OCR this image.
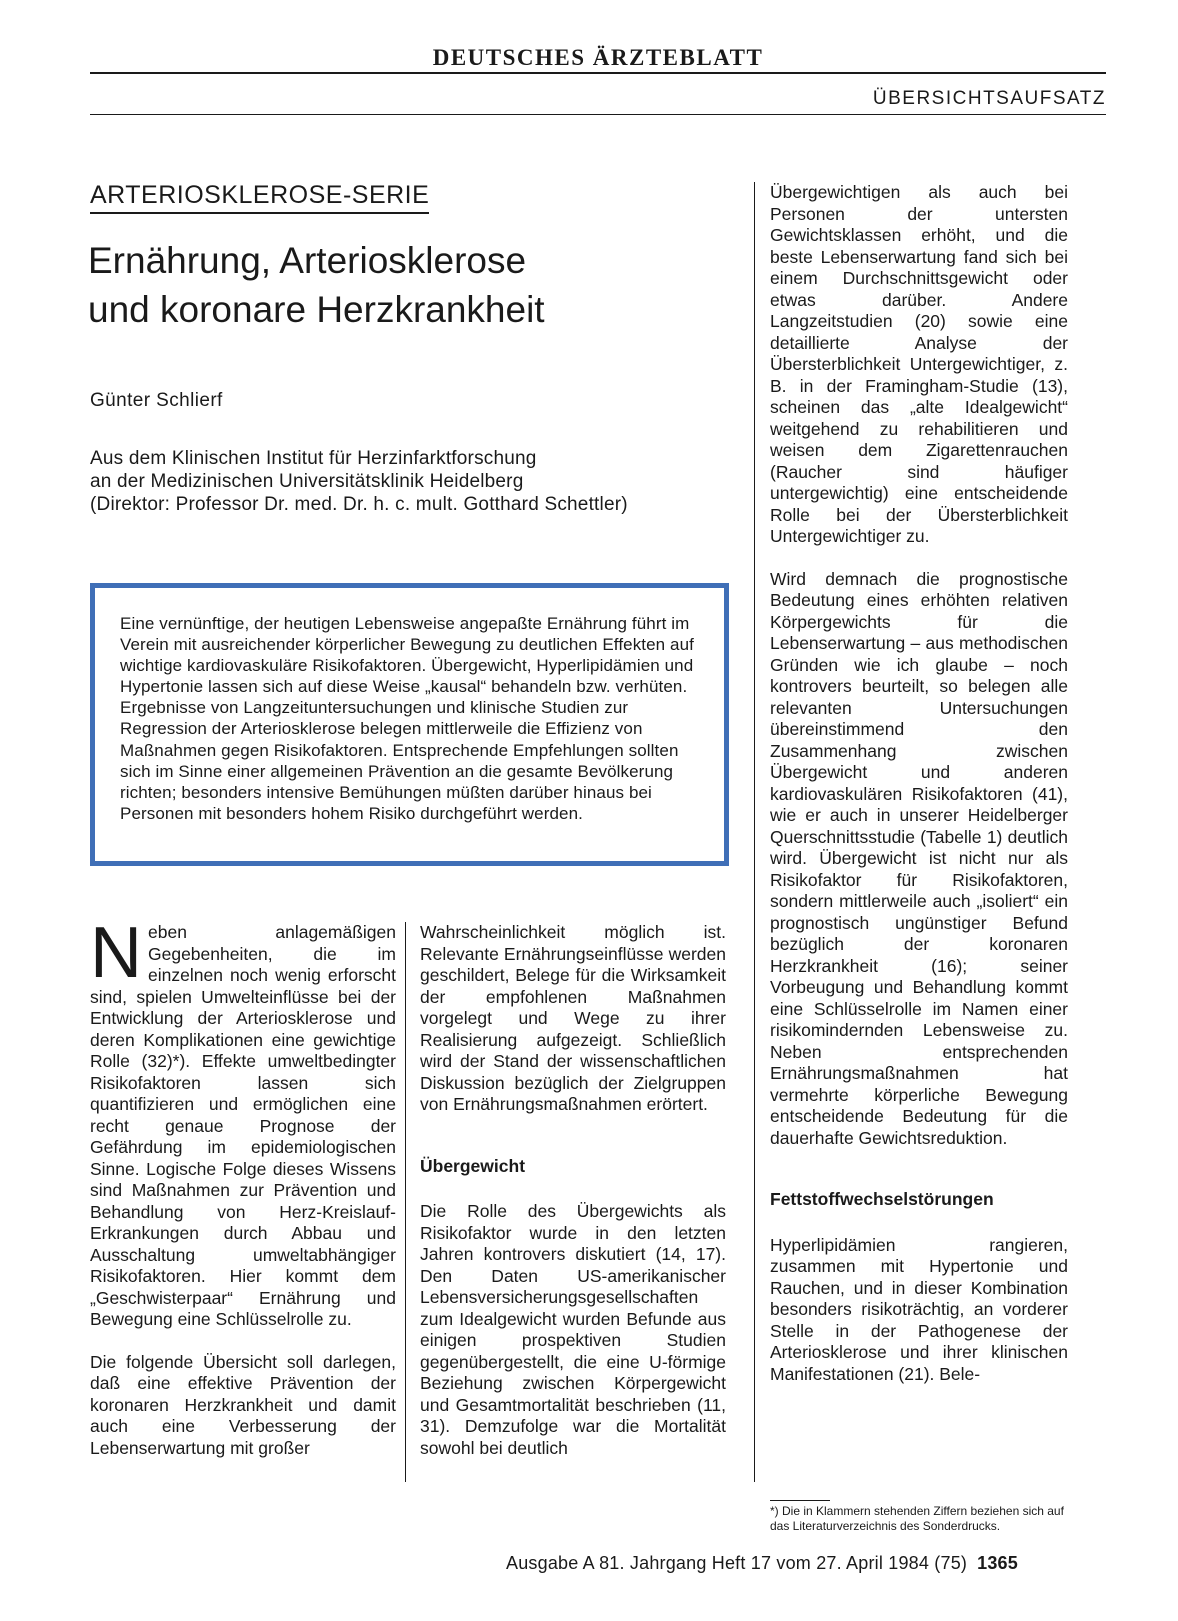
DEUTSCHES ÄRZTEBLATT
ÜBERSICHTSAUFSATZ
ARTERIOSKLEROSE-SERIE
Ernährung, Arteriosklerose
und koronare Herzkrankheit
Günter Schlierf
Aus dem Klinischen Institut für Herzinfarktforschung
an der Medizinischen Universitätsklinik Heidelberg
(Direktor: Professor Dr. med. Dr. h. c. mult. Gotthard Schettler)
Eine vernünftige, der heutigen Lebensweise angepaßte Ernährung führt im Verein mit ausreichender körperlicher Bewegung zu deutlichen Effekten auf wichtige kardiovaskuläre Risikofaktoren. Übergewicht, Hyperlipidämien und Hypertonie lassen sich auf diese Weise „kausal“ behandeln bzw. verhüten. Ergebnisse von Langzeituntersuchungen und klinische Studien zur Regression der Arteriosklerose belegen mittlerweile die Effizienz von Maßnahmen gegen Risikofaktoren. Entsprechende Empfehlungen sollten sich im Sinne einer allgemeinen Prävention an die gesamte Bevölkerung richten; besonders intensive Bemühungen müßten darüber hinaus bei Personen mit besonders hohem Risiko durchgeführt werden.

Neben anlagemäßigen Gegebenheiten, die im einzelnen noch wenig erforscht sind, spielen Umwelteinflüsse bei der Entwicklung der Arteriosklerose und deren Komplikationen eine gewichtige Rolle (32)*). Effekte umweltbedingter Risikofaktoren lassen sich quantifizieren und ermöglichen eine recht genaue Prognose der Gefährdung im epidemiologischen Sinne. Logische Folge dieses Wissens sind Maßnahmen zur Prävention und Behandlung von Herz-Kreislauf-Erkrankungen durch Abbau und Ausschaltung umweltabhängiger Risikofaktoren. Hier kommt dem „Geschwisterpaar“ Ernährung und Bewegung eine Schlüsselrolle zu.

Die folgende Übersicht soll darlegen, daß eine effektive Prävention der koronaren Herzkrankheit und damit auch eine Verbesserung der Lebenserwartung mit großer

Wahrscheinlichkeit möglich ist. Relevante Ernährungseinflüsse werden geschildert, Belege für die Wirksamkeit der empfohlenen Maßnahmen vorgelegt und Wege zu ihrer Realisierung aufgezeigt. Schließlich wird der Stand der wissenschaftlichen Diskussion bezüglich der Zielgruppen von Ernährungsmaßnahmen erörtert.

Übergewicht

Die Rolle des Übergewichts als Risikofaktor wurde in den letzten Jahren kontrovers diskutiert (14, 17). Den Daten US-amerikanischer Lebensversicherungsgesellschaften zum Idealgewicht wurden Befunde aus einigen prospektiven Studien gegenübergestellt, die eine U-förmige Beziehung zwischen Körpergewicht und Gesamtmortalität beschrieben (11, 31). Demzufolge war die Mortalität sowohl bei deutlich

Übergewichtigen als auch bei Personen der untersten Gewichtsklassen erhöht, und die beste Lebenserwartung fand sich bei einem Durchschnittsgewicht oder etwas darüber. Andere Langzeitstudien (20) sowie eine detaillierte Analyse der Übersterblichkeit Untergewichtiger, z. B. in der Framingham-Studie (13), scheinen das „alte Idealgewicht“ weitgehend zu rehabilitieren und weisen dem Zigarettenrauchen (Raucher sind häufiger untergewichtig) eine entscheidende Rolle bei der Übersterblichkeit Untergewichtiger zu.

Wird demnach die prognostische Bedeutung eines erhöhten relativen Körpergewichts für die Lebenserwartung – aus methodischen Gründen wie ich glaube – noch kontrovers beurteilt, so belegen alle relevanten Untersuchungen übereinstimmend den Zusammenhang zwischen Übergewicht und anderen kardiovaskulären Risikofaktoren (41), wie er auch in unserer Heidelberger Querschnittsstudie (Tabelle 1) deutlich wird. Übergewicht ist nicht nur als Risikofaktor für Risikofaktoren, sondern mittlerweile auch „isoliert“ ein prognostisch ungünstiger Befund bezüglich der koronaren Herzkrankheit (16); seiner Vorbeugung und Behandlung kommt eine Schlüsselrolle im Namen einer risikomindernden Lebensweise zu. Neben entsprechenden Ernährungsmaßnahmen hat vermehrte körperliche Bewegung entscheidende Bedeutung für die dauerhafte Gewichtsreduktion.

Fettstoffwechselstörungen

Hyperlipidämien rangieren, zusammen mit Hypertonie und Rauchen, und in dieser Kombination besonders risikoträchtig, an vorderer Stelle in der Pathogenese der Arteriosklerose und ihrer klinischen Manifestationen (21). Bele-

*) Die in Klammern stehenden Ziffern beziehen sich auf das Literaturverzeichnis des Sonderdrucks.
Ausgabe A 81. Jahrgang Heft 17 vom 27. April 1984 (75) 1365
